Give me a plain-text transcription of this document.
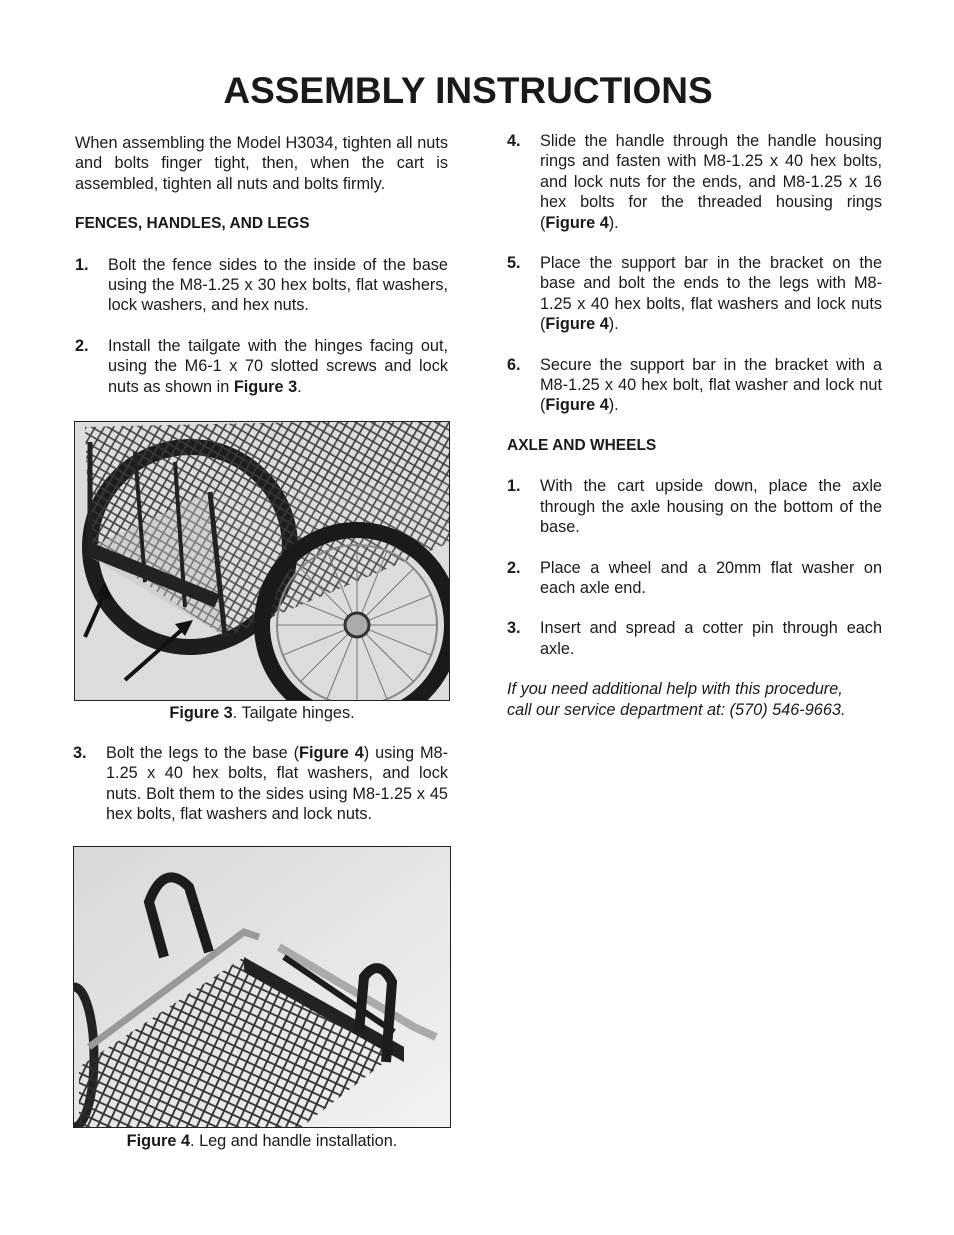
ASSEMBLY INSTRUCTIONS

When assembling the Model H3034, tighten all nuts and bolts finger tight, then, when the cart is assembled, tighten all nuts and bolts firmly.

FENCES, HANDLES, AND LEGS

1. Bolt the fence sides to the inside of the base using the M8-1.25 x 30 hex bolts, flat washers, lock washers, and hex nuts.
2. Install the tailgate with the hinges facing out, using the M6-1 x 70 slotted screws and lock nuts as shown in Figure 3.
Figure 3. Tailgate hinges.
3. Bolt the legs to the base (Figure 4) using M8-1.25 x 40 hex bolts, flat washers, and lock nuts. Bolt them to the sides using M8-1.25 x 45 hex bolts, flat washers and lock nuts.
Figure 4. Leg and handle installation.
4. Slide the handle through the handle housing rings and fasten with M8-1.25 x 40 hex bolts, and lock nuts for the ends, and M8-1.25 x 16 hex bolts for the threaded housing rings (Figure 4).
5. Place the support bar in the bracket on the base and bolt the ends to the legs with M8-1.25 x 40 hex bolts, flat washers and lock nuts (Figure 4).
6. Secure the support bar in the bracket with a M8-1.25 x 40 hex bolt, flat washer and lock nut (Figure 4).

AXLE AND WHEELS

1. With the cart upside down, place the axle through the axle housing on the bottom of the base.
2. Place a wheel and a 20mm flat washer on each axle end.
3. Insert and spread a cotter pin through each axle.

If you need additional help with this procedure,
call our service department at: (570) 546-9663.
